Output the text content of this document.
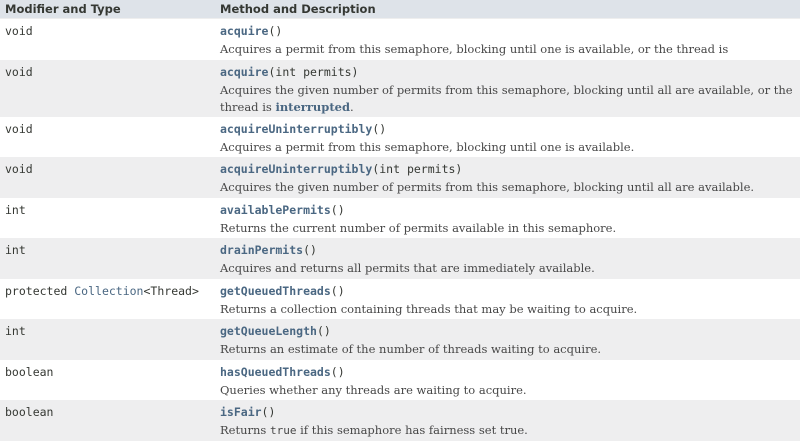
Modifier and Type	Method and Description
void	acquire()
Acquires a permit from this semaphore, blocking until one is available, or the thread is
void	acquire(int permits)
Acquires the given number of permits from this semaphore, blocking until all are available, or the thread is interrupted.
void	acquireUninterruptibly()
Acquires a permit from this semaphore, blocking until one is available.
void	acquireUninterruptibly(int permits)
Acquires the given number of permits from this semaphore, blocking until all are available.
int	availablePermits()
Returns the current number of permits available in this semaphore.
int	drainPermits()
Acquires and returns all permits that are immediately available.
protected Collection<Thread>	getQueuedThreads()
Returns a collection containing threads that may be waiting to acquire.
int	getQueueLength()
Returns an estimate of the number of threads waiting to acquire.
boolean	hasQueuedThreads()
Queries whether any threads are waiting to acquire.
boolean	isFair()
Returns true if this semaphore has fairness set true.
